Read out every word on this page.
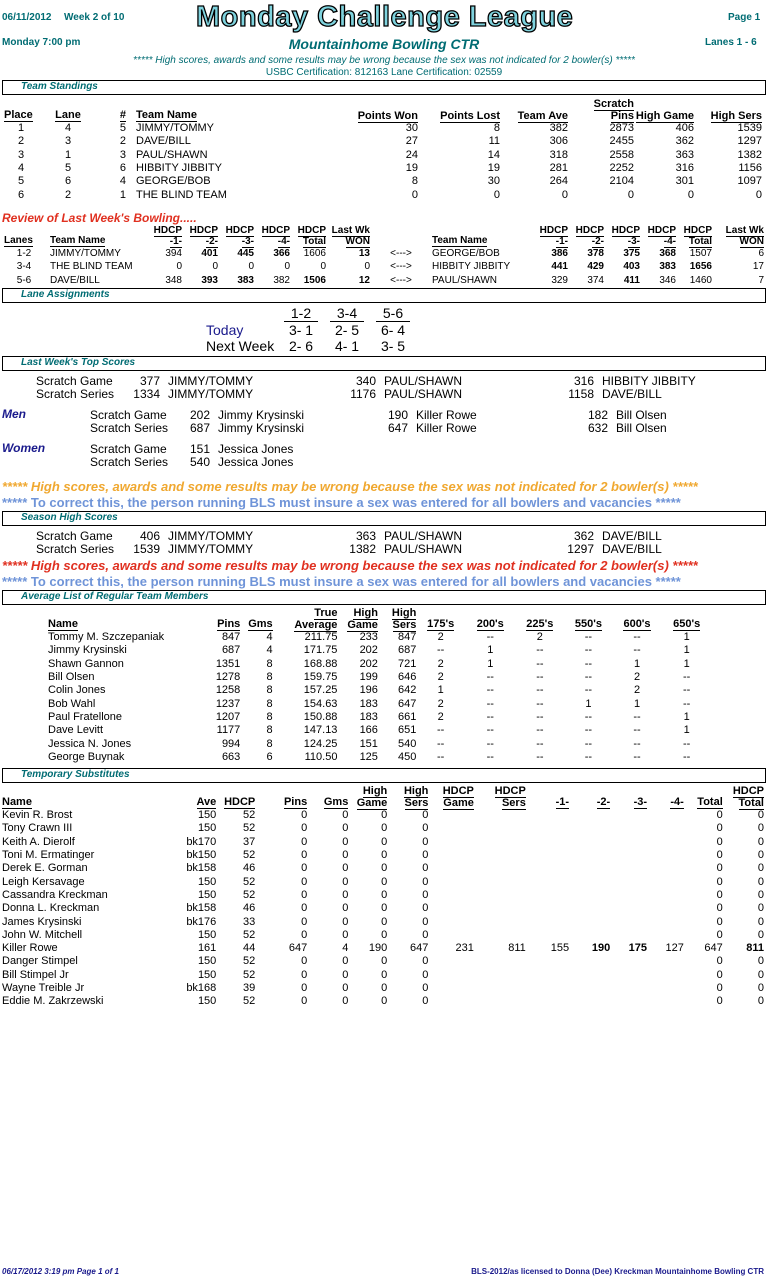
06/11/2012 Week 2 of 10 Monday Challenge League	Page 1
Monday 7:00 pm	Mountainhome Bowling CTR	Lanes 1 - 6
***** High scores, awards and some results may be wrong because the sex was not indicated for 2 bowler(s) *****
USBC Certification: 812163 Lane Certification: 02559
Team Standings
Place	Lane	#	Team Name	Points Won	Points Lost	Team Ave	Scratch Pins	High Game	High Sers
1	4	5	JIMMY/TOMMY	30	8	382	2873	406	1539
2	3	2	DAVE/BILL	27	11	306	2455	362	1297
3	1	3	PAUL/SHAWN	24	14	318	2558	363	1382
4	5	6	HIBBITY JIBBITY	19	19	281	2252	316	1156
5	6	4	GEORGE/BOB	8	30	264	2104	301	1097
6	2	1	THE BLIND TEAM	0	0	0	0	0	0
Review of Last Week's Bowling.....
Lanes	Team Name	HDCP -1-	HDCP -2-	HDCP -3-	HDCP -4-	HDCP Total	Last Wk WON		Team Name	HDCP -1-	HDCP -2-	HDCP -3-	HDCP -4-	HDCP Total	Last Wk WON
1-2	JIMMY/TOMMY	394	401	445	366	1606	13	<--->	GEORGE/BOB	386	378	375	368	1507	6
3-4	THE BLIND TEAM	0	0	0	0	0	0	<--->	HIBBITY JIBBITY	441	429	403	383	1656	17
5-6	DAVE/BILL	348	393	383	382	1506	12	<--->	PAUL/SHAWN	329	374	411	346	1460	7
Lane Assignments
1-2 3-4 5-6
Today	3- 1 2- 5 6- 4
Next Week	2- 6 4- 1 3- 5
Last Week's Top Scores
Scratch Game	377 JIMMY/TOMMY	340 PAUL/SHAWN	316 HIBBITY JIBBITY
Scratch Series	1334 JIMMY/TOMMY	1176 PAUL/SHAWN	1158 DAVE/BILL
Scratch Game	202 Jimmy Krysinski	190 Killer Rowe	182 Bill Olsen
Scratch Series	687 Jimmy Krysinski	647 Killer Rowe	632 Bill Olsen
Scratch Game	151 Jessica Jones
Scratch Series	540 Jessica Jones
Men
Women
***** High scores, awards and some results may be wrong because the sex was not indicated for 2 bowler(s) *****
***** To correct this, the person running BLS must insure a sex was entered for all bowlers and vacancies *****
Season High Scores
Scratch Game	406 JIMMY/TOMMY	363 PAUL/SHAWN	362 DAVE/BILL
Scratch Series	1539 JIMMY/TOMMY	1382 PAUL/SHAWN	1297 DAVE/BILL
***** High scores, awards and some results may be wrong because the sex was not indicated for 2 bowler(s) *****
***** To correct this, the person running BLS must insure a sex was entered for all bowlers and vacancies *****
Average List of Regular Team Members
Name	Pins	Gms	True Average	High Game	High Sers	175's	200's	225's	550's	600's	650's
Tommy M. Szczepaniak	847	4	211.75	233	847	2	--	2	--	--	1
Jimmy Krysinski	687	4	171.75	202	687	--	1	--	--	--	1
Shawn Gannon	1351	8	168.88	202	721	2	1	--	--	1	1
Bill Olsen	1278	8	159.75	199	646	2	--	--	--	2	--
Colin Jones	1258	8	157.25	196	642	1	--	--	--	2	--
Bob Wahl	1237	8	154.63	183	647	2	--	--	1	1	--
Paul Fratellone	1207	8	150.88	183	661	2	--	--	--	--	1
Dave Levitt	1177	8	147.13	166	651	--	--	--	--	--	1
Jessica N. Jones	994	8	124.25	151	540	--	--	--	--	--	--
George Buynak	663	6	110.50	125	450	--	--	--	--	--	--
Temporary Substitutes
Name	Ave	HDCP	Pins	Gms	High Game	High Sers	HDCP Game	HDCP Sers	-1-	-2-	-3-	-4-	Total	HDCP Total
Kevin R. Brost	150	52	0	0	0	0							0	0
Tony Crawn III	150	52	0	0	0	0							0	0
Keith A. Dierolf	bk170	37	0	0	0	0							0	0
Toni M. Ermatinger	bk150	52	0	0	0	0							0	0
Derek E. Gorman	bk158	46	0	0	0	0							0	0
Leigh Kersavage	150	52	0	0	0	0							0	0
Cassandra Kreckman	150	52	0	0	0	0							0	0
Donna L. Kreckman	bk158	46	0	0	0	0							0	0
James Krysinski	bk176	33	0	0	0	0							0	0
John W. Mitchell	150	52	0	0	0	0							0	0
Killer Rowe	161	44	647	4	190	647	231	811	155	190	175	127	647	811
Danger Stimpel	150	52	0	0	0	0							0	0
Bill Stimpel Jr	150	52	0	0	0	0							0	0
Wayne Treible Jr	bk168	39	0	0	0	0							0	0
Eddie M. Zakrzewski	150	52	0	0	0	0							0	0
06/17/2012 3:19 pm Page 1 of 1	BLS-2012/as licensed to Donna (Dee) Kreckman Mountainhome Bowling CTR
